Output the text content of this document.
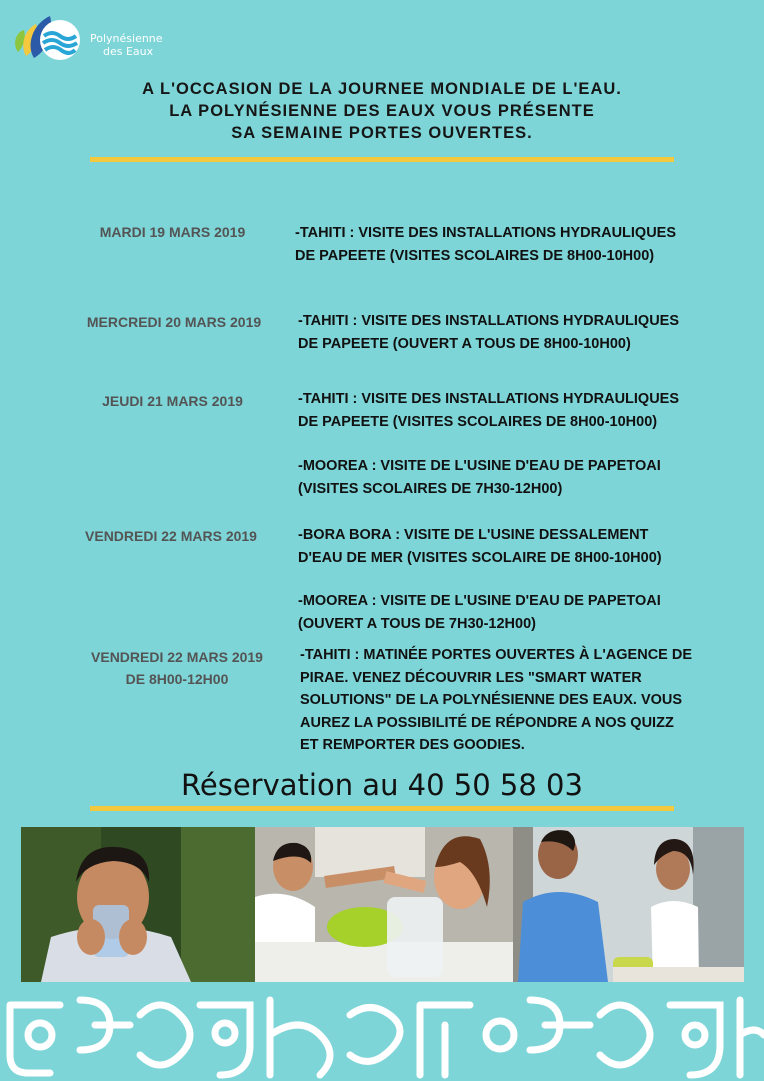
Polynésienne
des Eaux
A L'OCCASION DE LA JOURNEE MONDIALE DE L'EAU.
LA POLYNÉSIENNE DES EAUX VOUS PRÉSENTE
SA SEMAINE PORTES OUVERTES.
MARDI 19 MARS 2019	-TAHITI : VISITE DES INSTALLATIONS HYDRAULIQUES
DE PAPEETE (VISITES SCOLAIRES DE 8H00-10H00)
MERCREDI 20 MARS 2019	-TAHITI : VISITE DES INSTALLATIONS HYDRAULIQUES
DE PAPEETE (OUVERT A TOUS DE 8H00-10H00)
JEUDI 21 MARS 2019	-TAHITI : VISITE DES INSTALLATIONS HYDRAULIQUES
DE PAPEETE (VISITES SCOLAIRES DE 8H00-10H00)
-MOOREA : VISITE DE L'USINE D'EAU DE PAPETOAI
(VISITES SCOLAIRES DE 7H30-12H00)
VENDREDI 22 MARS 2019	-BORA BORA : VISITE DE L'USINE DESSALEMENT
D'EAU DE MER (VISITES SCOLAIRE DE 8H00-10H00)
-MOOREA : VISITE DE L'USINE D'EAU DE PAPETOAI
(OUVERT A TOUS DE 7H30-12H00)
VENDREDI 22 MARS 2019
DE 8H00-12H00
-TAHITI : MATINÉE PORTES OUVERTES À L'AGENCE DE
PIRAE. VENEZ DÉCOUVRIR LES "SMART WATER
SOLUTIONS" DE LA POLYNÉSIENNE DES EAUX. VOUS
AUREZ LA POSSIBILITÉ DE RÉPONDRE A NOS QUIZZ
ET REMPORTER DES GOODIES.
Réservation au 40 50 58 03
